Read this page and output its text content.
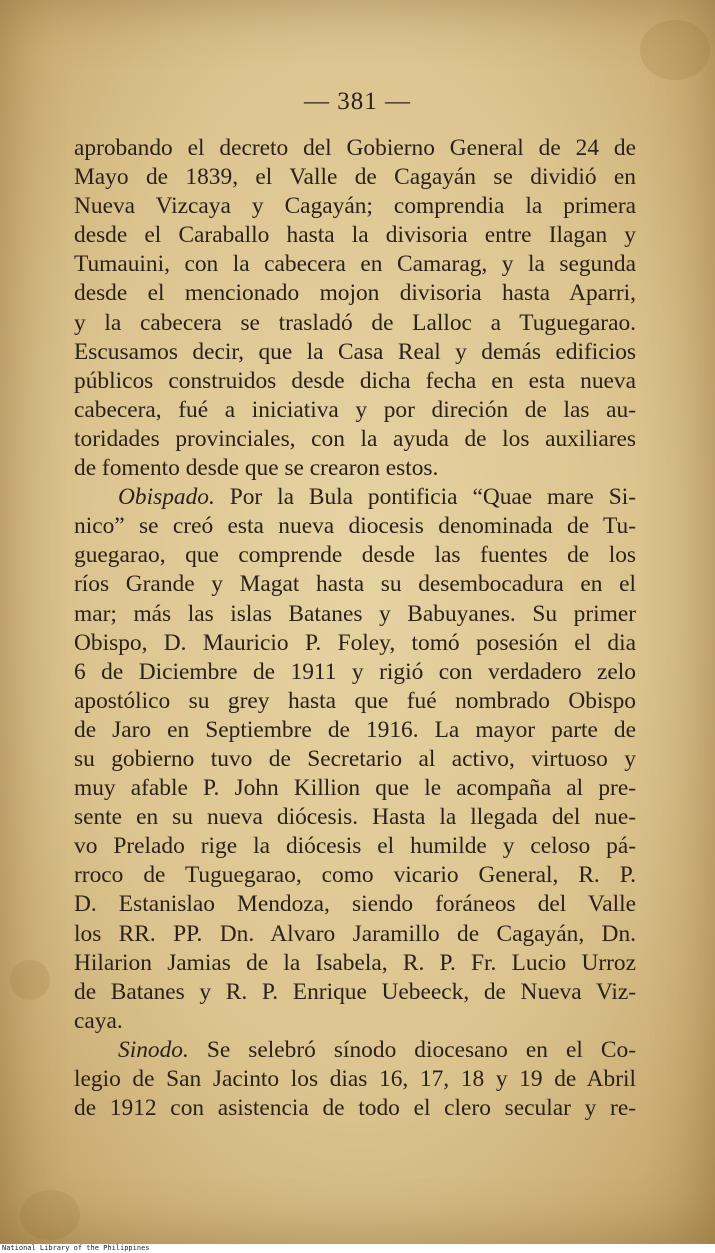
— 381 —
aprobando el decreto del Gobierno General de 24 de
Mayo de 1839, el Valle de Cagayán se dividió en
Nueva Vizcaya y Cagayán; comprendia la primera
desde el Caraballo hasta la divisoria entre Ilagan y
Tumauini, con la cabecera en Camarag, y la segunda
desde el mencionado mojon divisoria hasta Aparri,
y la cabecera se trasladó de Lalloc a Tuguegarao.
Escusamos decir, que la Casa Real y demás edificios
públicos construidos desde dicha fecha en esta nueva
cabecera, fué a iniciativa y por direción de las au-
toridades provinciales, con la ayuda de los auxiliares
de fomento desde que se crearon estos.
Obispado. Por la Bula pontificia “Quae mare Si-
nico” se creó esta nueva diocesis denominada de Tu-
guegarao, que comprende desde las fuentes de los
ríos Grande y Magat hasta su desembocadura en el
mar; más las islas Batanes y Babuyanes. Su primer
Obispo, D. Mauricio P. Foley, tomó posesión el dia
6 de Diciembre de 1911 y rigió con verdadero zelo
apostólico su grey hasta que fué nombrado Obispo
de Jaro en Septiembre de 1916. La mayor parte de
su gobierno tuvo de Secretario al activo, virtuoso y
muy afable P. John Killion que le acompaña al pre-
sente en su nueva diócesis. Hasta la llegada del nue-
vo Prelado rige la diócesis el humilde y celoso pá-
rroco de Tuguegarao, como vicario General, R. P.
D. Estanislao Mendoza, siendo foráneos del Valle
los RR. PP. Dn. Alvaro Jaramillo de Cagayán, Dn.
Hilarion Jamias de la Isabela, R. P. Fr. Lucio Urroz
de Batanes y R. P. Enrique Uebeeck, de Nueva Viz-
caya.
Sinodo. Se selebró sínodo diocesano en el Co-
legio de San Jacinto los dias 16, 17, 18 y 19 de Abril
de 1912 con asistencia de todo el clero secular y re-
National Library of the Philippines
